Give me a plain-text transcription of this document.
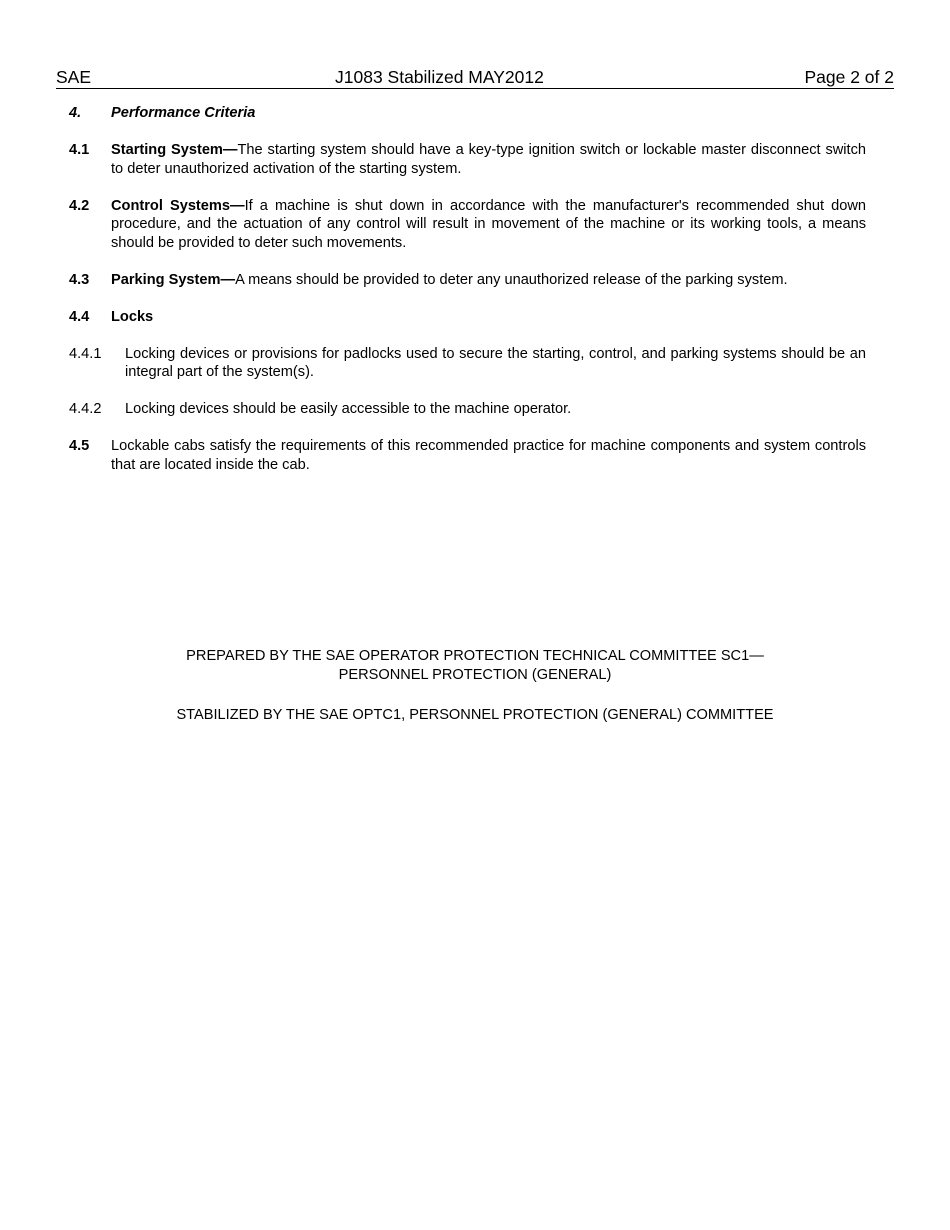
SAE	J1083 Stabilized MAY2012	Page 2 of 2
4. Performance Criteria
4.1 Starting System—The starting system should have a key-type ignition switch or lockable master disconnect switch to deter unauthorized activation of the starting system.
4.2 Control Systems—If a machine is shut down in accordance with the manufacturer's recommended shut down procedure, and the actuation of any control will result in movement of the machine or its working tools, a means should be provided to deter such movements.
4.3 Parking System—A means should be provided to deter any unauthorized release of the parking system.
4.4 Locks
4.4.1 Locking devices or provisions for padlocks used to secure the starting, control, and parking systems should be an integral part of the system(s).
4.4.2 Locking devices should be easily accessible to the machine operator.
4.5 Lockable cabs satisfy the requirements of this recommended practice for machine components and system controls that are located inside the cab.
PREPARED BY THE SAE OPERATOR PROTECTION TECHNICAL COMMITTEE SC1—
PERSONNEL PROTECTION (GENERAL)
STABILIZED BY THE SAE OPTC1, PERSONNEL PROTECTION (GENERAL) COMMITTEE
